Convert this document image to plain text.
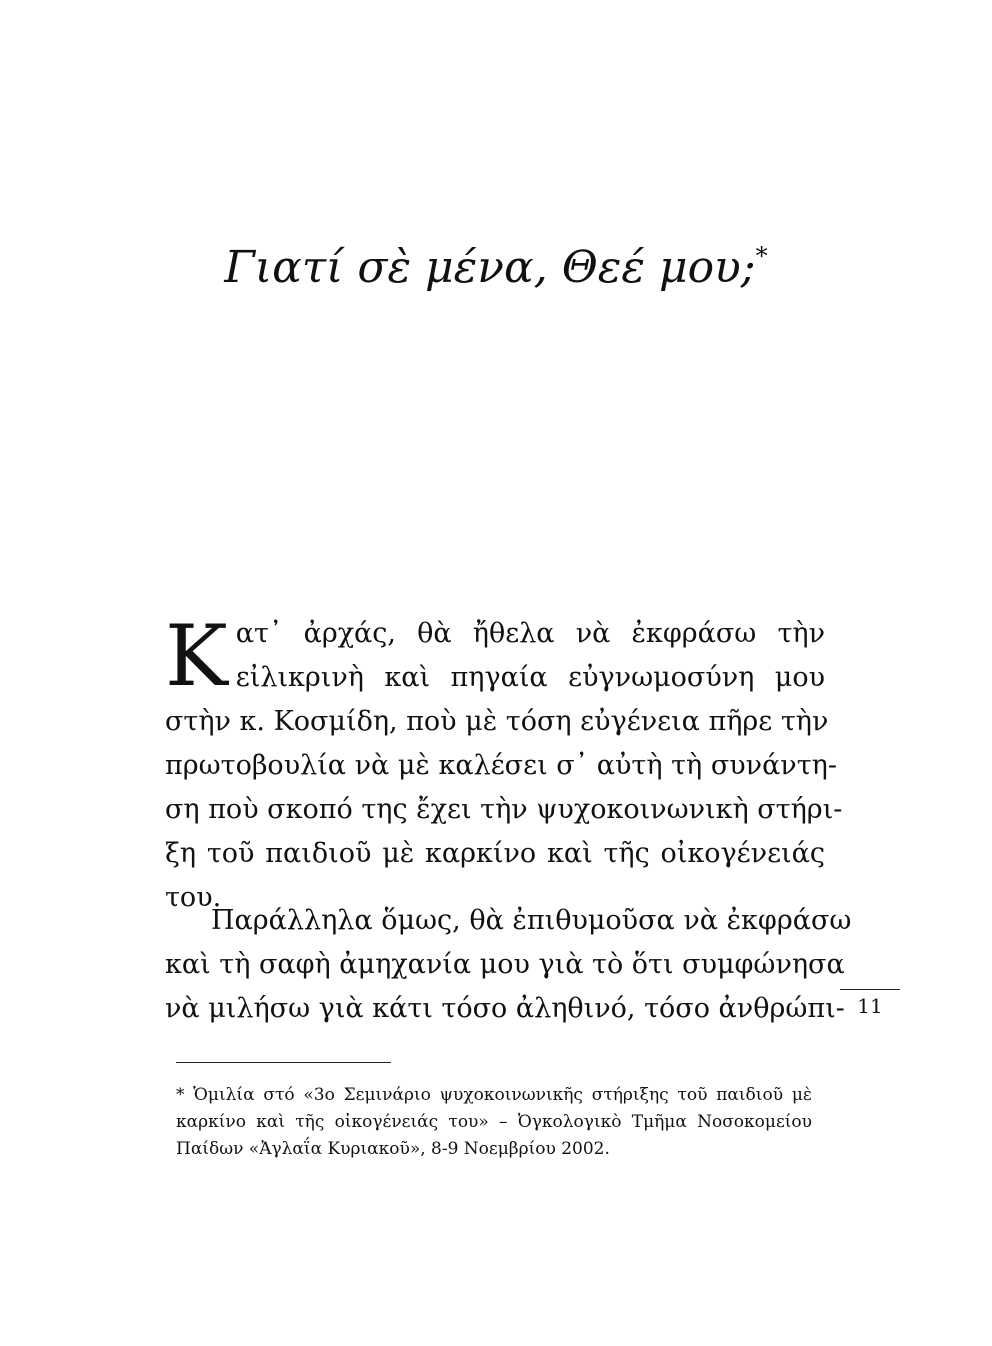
Γιατί σὲ μένα, Θεέ μου;*
K ατ᾽ ἀρχάς, θὰ ἤθελα νὰ ἐκφράσω τὴν
εἰλικρινὴ καὶ πηγαία εὐγνωμοσύνη μου
στὴν κ. Κοσμίδη, ποὺ μὲ τόση εὐγένεια πῆρε τὴν
πρωτοβουλία νὰ μὲ καλέσει σ᾽ αὐτὴ τὴ συνάντη-
ση ποὺ σκοπό της ἔχει τὴν ψυχοκοινωνικὴ στήρι-
ξη τοῦ παιδιοῦ μὲ καρκίνο καὶ τῆς οἰκογένειάς
του.
Παράλληλα ὅμως, θὰ ἐπιθυμοῦσα νὰ ἐκφράσω
καὶ τὴ σαφὴ ἀμηχανία μου γιὰ τὸ ὅτι συμφώνησα
νὰ μιλήσω γιὰ κάτι τόσο ἀληθινό, τόσο ἀνθρώπι- 11
* Ὁμιλία στό «3ο Σεμινάριο ψυχοκοινωνικῆς στήριξης τοῦ παιδιοῦ μὲ
καρκίνο καὶ τῆς οἰκογένειάς του» – Ὀγκολογικὸ Τμῆμα Νοσοκομείου
Παίδων «Ἀγλαΐα Κυριακοῦ», 8-9 Νοεμβρίου 2002.
